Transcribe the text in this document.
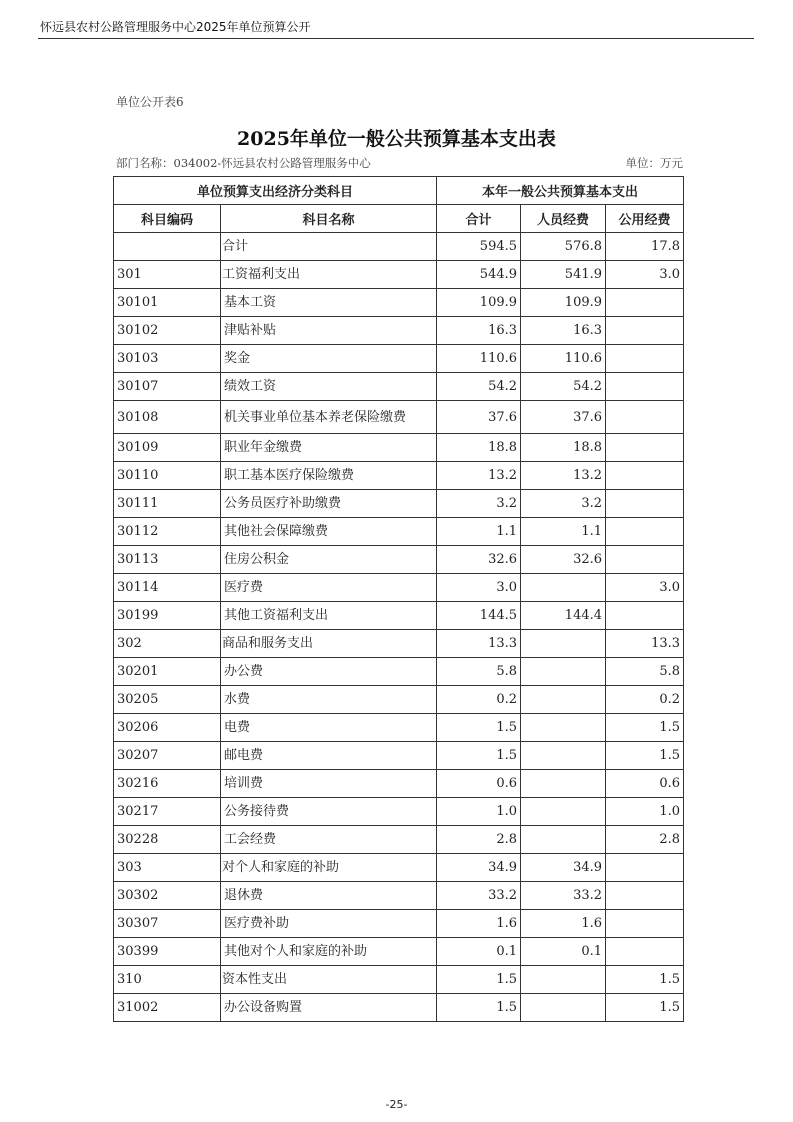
怀远县农村公路管理服务中心2025年单位预算公开
单位公开表6
2025年单位一般公共预算基本支出表
部门名称：034002-怀远县农村公路管理服务中心	单位：万元
单位预算支出经济分类科目		本年一般公共预算基本支出		
科目编码	科目名称	合计	人员经费	公用经费
	合计	594.5	576.8	17.8
301	工资福利支出	544.9	541.9	3.0
30101	基本工资	109.9	109.9	
30102	津贴补贴	16.3	16.3	
30103	奖金	110.6	110.6	
30107	绩效工资	54.2	54.2	
30108	机关事业单位基本养老保险缴费	37.6	37.6	
30109	职业年金缴费	18.8	18.8	
30110	职工基本医疗保险缴费	13.2	13.2	
30111	公务员医疗补助缴费	3.2	3.2	
30112	其他社会保障缴费	1.1	1.1	
30113	住房公积金	32.6	32.6	
30114	医疗费	3.0		3.0
30199	其他工资福利支出	144.5	144.4	
302	商品和服务支出	13.3		13.3
30201	办公费	5.8		5.8
30205	水费	0.2		0.2
30206	电费	1.5		1.5
30207	邮电费	1.5		1.5
30216	培训费	0.6		0.6
30217	公务接待费	1.0		1.0
30228	工会经费	2.8		2.8
303	对个人和家庭的补助	34.9	34.9	
30302	退休费	33.2	33.2	
30307	医疗费补助	1.6	1.6	
30399	其他对个人和家庭的补助	0.1	0.1	
310	资本性支出	1.5		1.5
31002	办公设备购置	1.5		1.5
-25-
